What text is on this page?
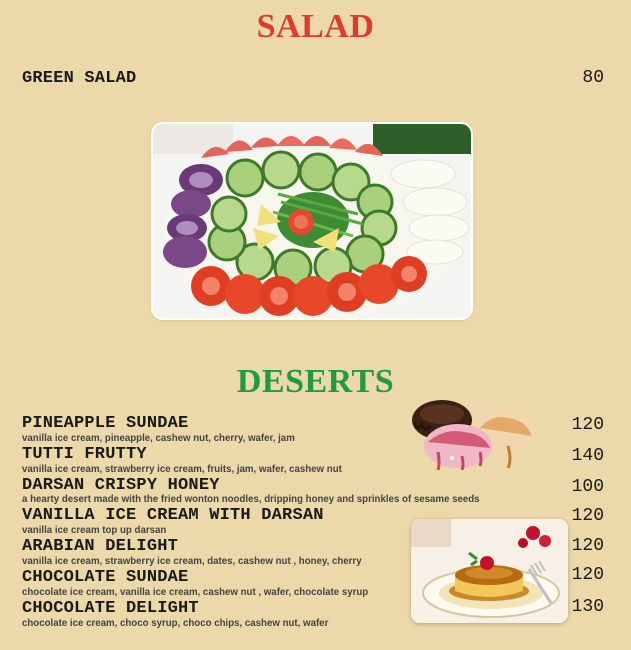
SALAD
GREEN SALAD	80
DESERTS
PINEAPPLE SUNDAE
vanilla ice cream, pineapple, cashew nut, cherry, wafer, jam
120
TUTTI FRUTTY
vanilla ice cream, strawberry ice cream, fruits, jam, wafer, cashew nut
140
DARSAN CRISPY HONEY
a hearty desert made with the fried wonton noodles, dripping honey and sprinkles of sesame seeds
100
VANILLA ICE CREAM WITH DARSAN
vanilla ice cream top up darsan
120
ARABIAN DELIGHT
vanilla ice cream, strawberry ice cream, dates, cashew nut , honey, cherry
120
CHOCOLATE SUNDAE
chocolate ice cream, vanilla ice cream, cashew nut , wafer, chocolate syrup
120
CHOCOLATE DELIGHT
chocolate ice cream, choco syrup, choco chips, cashew nut, wafer
130
